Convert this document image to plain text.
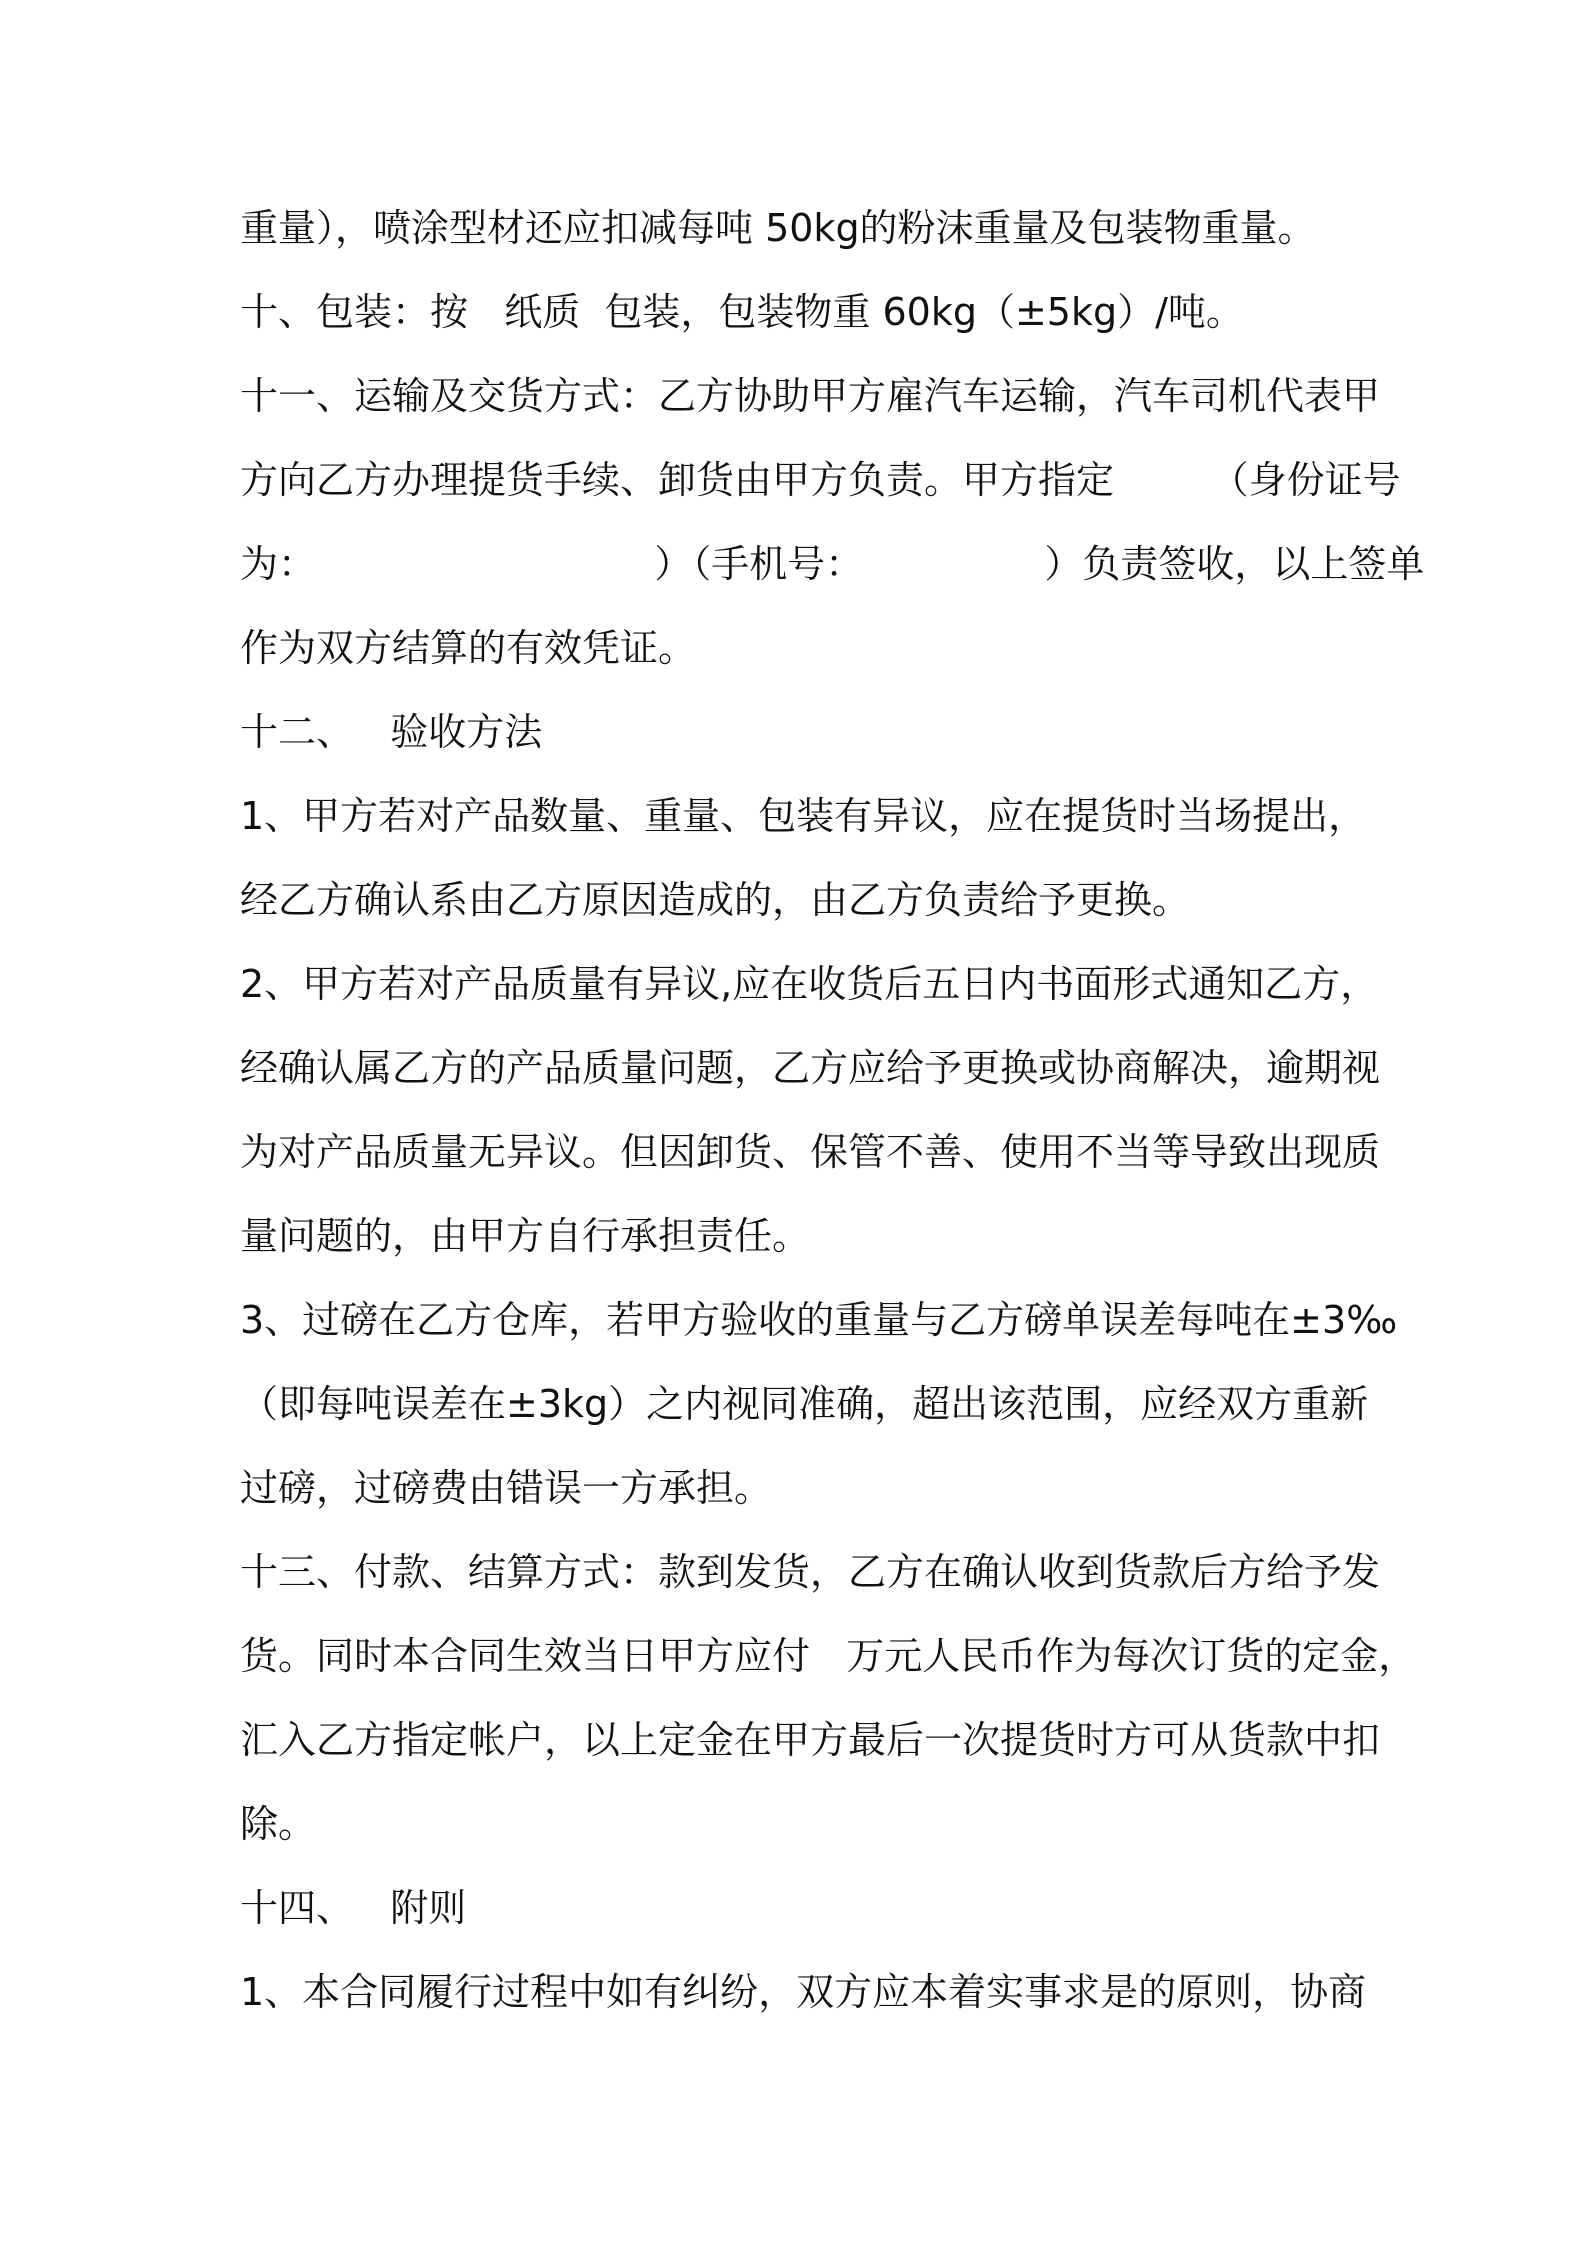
重量），喷涂型材还应扣减每吨 50kg的粉沫重量及包装物重量。
十、包装：按   纸质  包装，包装物重 60kg（±5kg）/吨。
十一、运输及交货方式：乙方协助甲方雇汽车运输，汽车司机代表甲
方向乙方办理提货手续、卸货由甲方负责。甲方指定        （身份证号
为：                            ）（手机号：               ）负责签收，以上签单
作为双方结算的有效凭证。
十二、   验收方法
1、甲方若对产品数量、重量、包装有异议，应在提货时当场提出，
经乙方确认系由乙方原因造成的，由乙方负责给予更换。
2、甲方若对产品质量有异议,应在收货后五日内书面形式通知乙方，
经确认属乙方的产品质量问题，乙方应给予更换或协商解决，逾期视
为对产品质量无异议。但因卸货、保管不善、使用不当等导致出现质
量问题的，由甲方自行承担责任。
3、过磅在乙方仓库，若甲方验收的重量与乙方磅单误差每吨在±3‰
（即每吨误差在±3kg）之内视同准确，超出该范围，应经双方重新
过磅，过磅费由错误一方承担。
十三、付款、结算方式：款到发货，乙方在确认收到货款后方给予发
货。同时本合同生效当日甲方应付   万元人民币作为每次订货的定金，
汇入乙方指定帐户，以上定金在甲方最后一次提货时方可从货款中扣
除。
十四、   附则
1、本合同履行过程中如有纠纷，双方应本着实事求是的原则，协商
